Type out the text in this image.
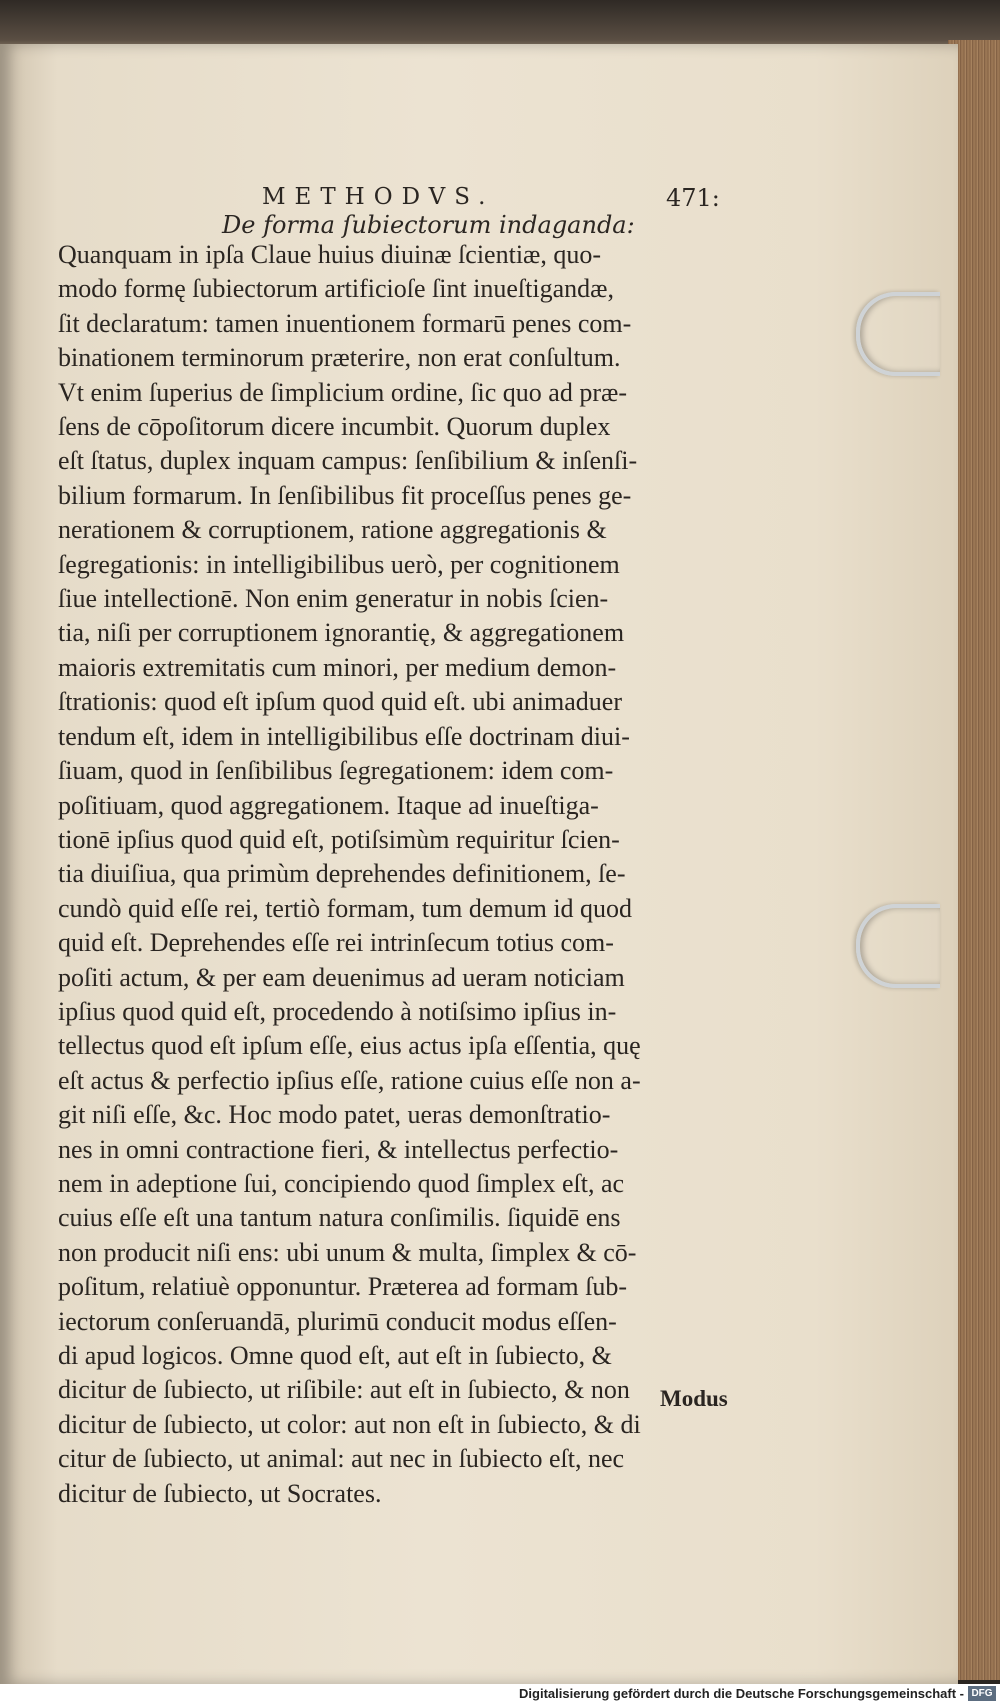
METHODVS.	471:
De forma ſubiectorum indaganda:
Quanquam in ipſa Claue huius diuinæ ſcientiæ, quo-
modo formę ſubiectorum artificioſe ſint inueſtigandæ,
ſit declaratum: tamen inuentionem formarū penes com-
binationem terminorum præterire, non erat conſultum.
Vt enim ſuperius de ſimplicium ordine, ſic quo ad præ-
ſens de cōpoſitorum dicere incumbit. Quorum duplex
eſt ſtatus, duplex inquam campus: ſenſibilium & inſenſi-
bilium formarum. In ſenſibilibus fit proceſſus penes ge-
nerationem & corruptionem, ratione aggregationis &
ſegregationis: in intelligibilibus uerò, per cognitionem
ſiue intellectionē. Non enim generatur in nobis ſcien-
tia, niſi per corruptionem ignorantię, & aggregationem
maioris extremitatis cum minori, per medium demon-
ſtrationis: quod eſt ipſum quod quid eſt. ubi animaduer
tendum eſt, idem in intelligibilibus eſſe doctrinam diui-
ſiuam, quod in ſenſibilibus ſegregationem: idem com-
poſitiuam, quod aggregationem. Itaque ad inueſtiga-
tionē ipſius quod quid eſt, potiſsimùm requiritur ſcien-
tia diuiſiua, qua primùm deprehendes definitionem, ſe-
cundò quid eſſe rei, tertiò formam, tum demum id quod
quid eſt. Deprehendes eſſe rei intrinſecum totius com-
poſiti actum, & per eam deuenimus ad ueram noticiam
ipſius quod quid eſt, procedendo à notiſsimo ipſius in-
tellectus quod eſt ipſum eſſe, eius actus ipſa eſſentia, quę
eſt actus & perfectio ipſius eſſe, ratione cuius eſſe non a-
git niſi eſſe, &c. Hoc modo patet, ueras demonſtratio-
nes in omni contractione fieri, & intellectus perfectio-
nem in adeptione ſui, concipiendo quod ſimplex eſt, ac
cuius eſſe eſt una tantum natura conſimilis. ſiquidē ens
non producit niſi ens: ubi unum & multa, ſimplex & cō-
poſitum, relatiuè opponuntur. Præterea ad formam ſub-
iectorum conſeruandā, plurimū conducit modus eſſen-
di apud logicos. Omne quod eſt, aut eſt in ſubiecto, &
dicitur de ſubiecto, ut riſibile: aut eſt in ſubiecto, & non
dicitur de ſubiecto, ut color: aut non eſt in ſubiecto, & di
citur de ſubiecto, ut animal: aut nec in ſubiecto eſt, nec
dicitur de ſubiecto, ut Socrates.
Modus
Digitalisierung gefördert durch die Deutsche Forschungsgemeinschaft - DFG
